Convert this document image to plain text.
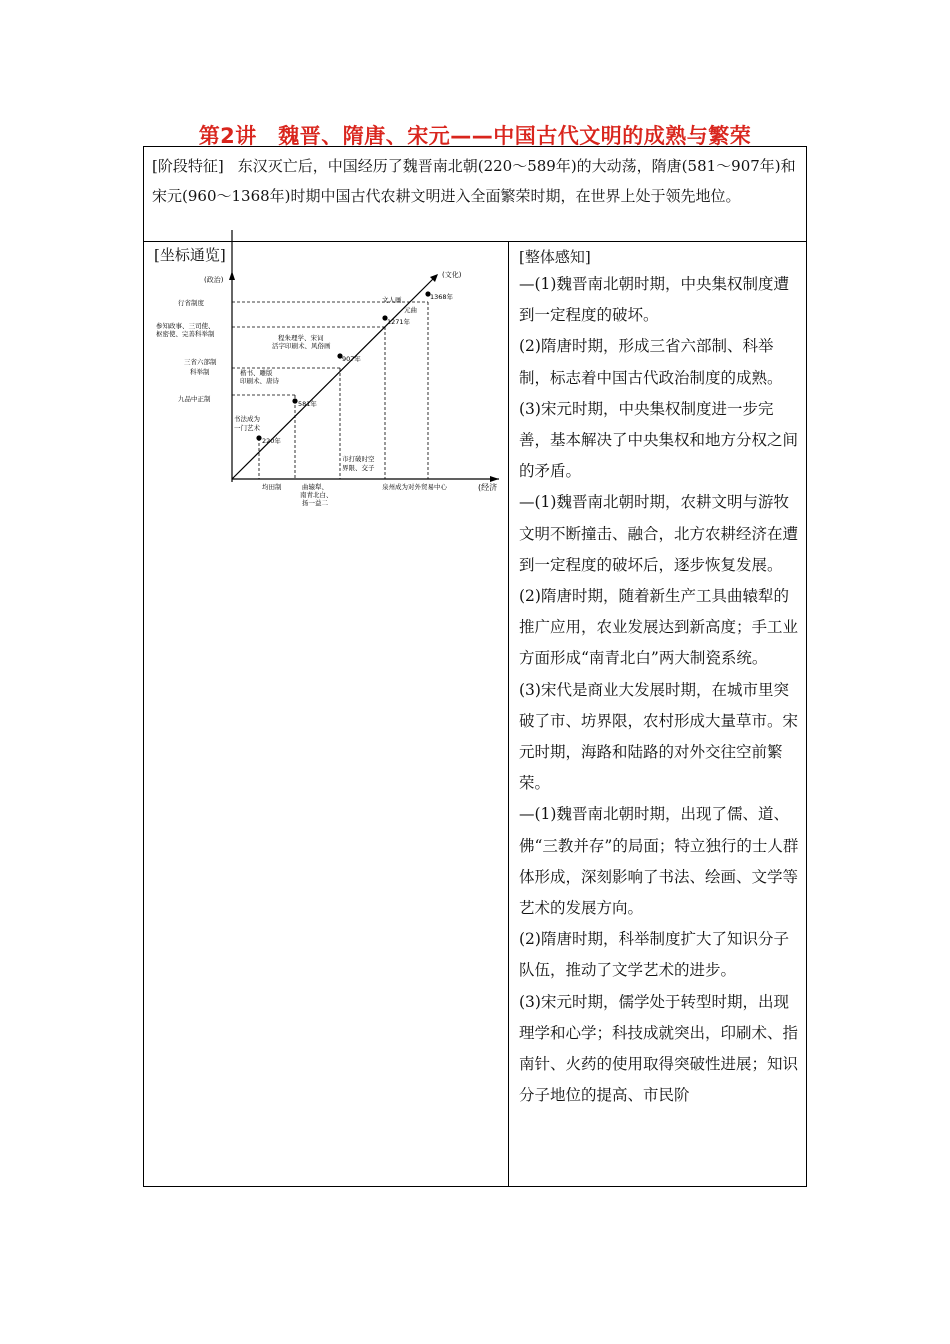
第2讲　魏晋、隋唐、宋元——中国古代文明的成熟与繁荣
[阶段特征] 东汉灭亡后，中国经历了魏晋南北朝(220～589年)的大动荡，隋唐(581～907年)和宋元(960～1368年)时期中国古代农耕文明进入全面繁荣时期，在世界上处于领先地位。
[坐标通览]
(政治)
(经济
(文化)
行省制度
参知政事、三司使、
枢密使、完善科举制
三省六部制
科举制
九品中正制
220年
581年
907年
1271年
1368年
书法成为
一门艺术
楷书、雕版
印刷术、唐诗
程朱理学、宋词
活字印刷术、风俗画
文人画
元曲
均田制	曲辕犁、
南青北白、
扬一益二
市打破时空
界限、交子
泉州成为对外贸易中心
[整体感知]

—(1)魏晋南北朝时期，中央集权制度遭到一定程度的破坏。

(2)隋唐时期，形成三省六部制、科举制，标志着中国古代政治制度的成熟。

(3)宋元时期，中央集权制度进一步完善，基本解决了中央集权和地方分权之间的矛盾。

—(1)魏晋南北朝时期，农耕文明与游牧文明不断撞击、融合，北方农耕经济在遭到一定程度的破坏后，逐步恢复发展。

(2)隋唐时期，随着新生产工具曲辕犁的推广应用，农业发展达到新高度；手工业方面形成“南青北白”两大制瓷系统。

(3)宋代是商业大发展时期，在城市里突破了市、坊界限，农村形成大量草市。宋元时期，海路和陆路的对外交往空前繁荣。

—(1)魏晋南北朝时期，出现了儒、道、佛“三教并存”的局面；特立独行的士人群体形成，深刻影响了书法、绘画、文学等艺术的发展方向。

(2)隋唐时期，科举制度扩大了知识分子队伍，推动了文学艺术的进步。

(3)宋元时期，儒学处于转型时期，出现理学和心学；科技成就突出，印刷术、指南针、火药的使用取得突破性进展；知识分子地位的提高、市民阶
